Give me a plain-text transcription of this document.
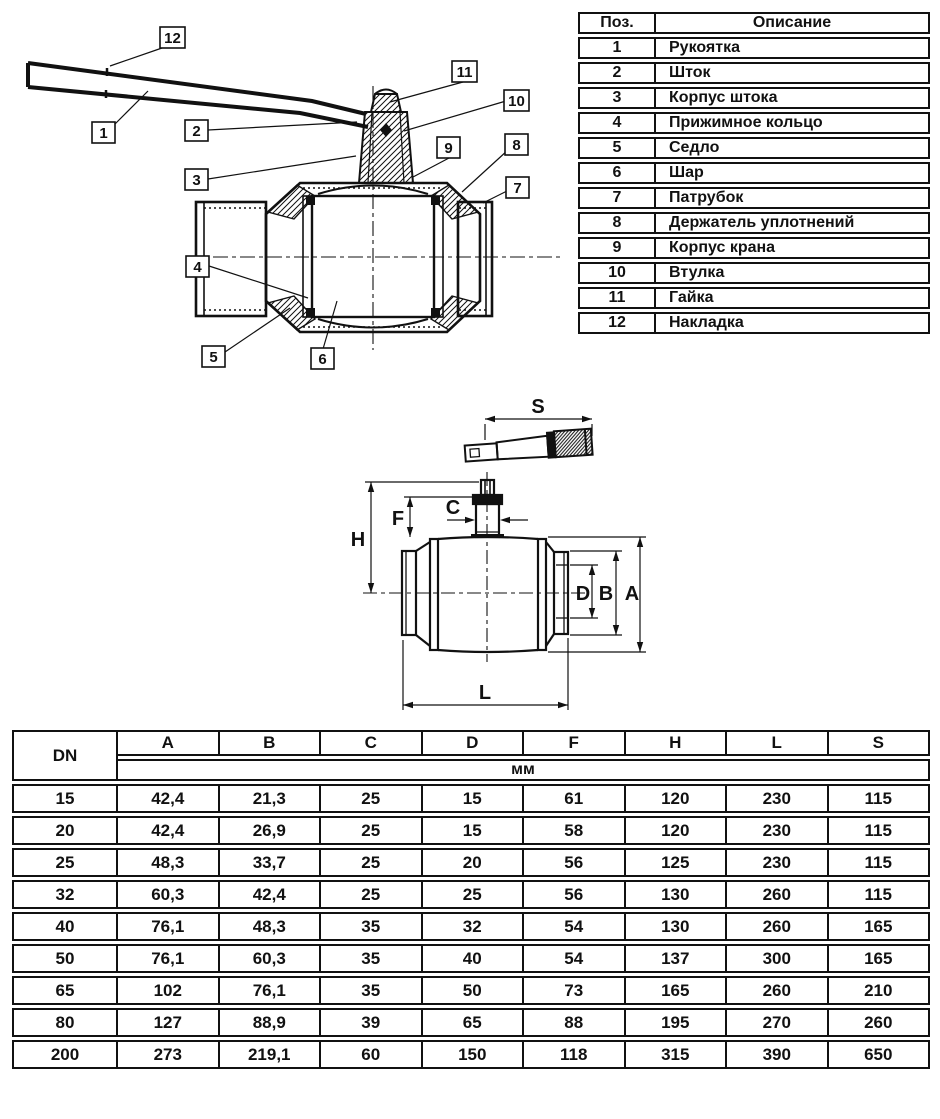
12
1	2
3
11
10
9	8
7
4
5	6
Поз.	Описание
1	Рукоятка
2	Шток
3	Корпус штока
4	Прижимное кольцо
5	Седло
6	Шар
7	Патрубок
8	Держатель уплотнений
9	Корпус крана
10	Втулка
11	Гайка
12	Накладка
S
H
F C
D B A
L
DN	A	B	C	D	F	H	L	S
	мм							
15	42,4	21,3	25	15	61	120	230	115
20	42,4	26,9	25	15	58	120	230	115
25	48,3	33,7	25	20	56	125	230	115
32	60,3	42,4	25	25	56	130	260	115
40	76,1	48,3	35	32	54	130	260	165
50	76,1	60,3	35	40	54	137	300	165
65	102	76,1	35	50	73	165	260	210
80	127	88,9	39	65	88	195	270	260
200	273	219,1	60	150	118	315	390	650
